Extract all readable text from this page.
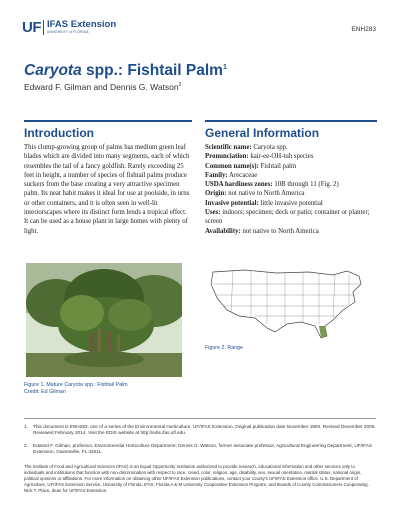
UF IFAS Extension
UNIVERSITY of FLORIDA	ENH283
Caryota spp.: Fishtail Palm$^1$
Edward F. Gilman and Dennis G. Watson$^2$
Introduction
This clump-growing group of palms has medium green leaf blades which are divided into many segments, each of which resembles the tail of a fancy goldfish. Rarely exceeding 25 feet in height, a number of species of fishtail palms produce suckers from the base creating a very attractive specimen palm. Its neat habit makes it ideal for use at poolside, in urns or other containers, and it is often seen in well-lit interiorscapes where its distinct form lends a tropical effect. It can be used as a house plant in large homes with plenty of light.
General Information
Scientific name: Caryota spp.
Pronunciation: kair-ee-OH-tuh species
Common name(s): Fishtail palm
Family: Arecaceae
USDA hardiness zones: 10B through 11 (Fig. 2)
Origin: not native to North America
Invasive potential: little invasive potential
Uses: indoors; specimen; deck or patio; container or planter; screen
Availability: not native to North America
Figure 1. Mature Caryota spp.: Fishtail Palm
Credit: Ed Gilman
Figure 2. Range
1. This document is ENH283, one of a series of the Environmental Horticulture, UF/IFAS Extension. Original publication date November 1993. Revised December 2006. Reviewed February 2014. Visit the EDIS website at http://edis.ifas.ufl.edu.
2. Edward F. Gilman, professor, Environmental Horticulture Department; Dennis G. Watson, former associate professor, Agricultural Engineering Department, UF/IFAS Extension, Gainesville, FL 32611.
The Institute of Food and Agricultural Sciences (IFAS) is an Equal Opportunity Institution authorized to provide research, educational information and other services only to individuals and institutions that function with non-discrimination with respect to race, creed, color, religion, age, disability, sex, sexual orientation, marital status, national origin, political opinions or affiliations. For more information on obtaining other UF/IFAS Extension publications, contact your county's UF/IFAS Extension office. U.S. Department of Agriculture, UF/IFAS Extension Service, University of Florida, IFAS, Florida A & M University Cooperative Extension Program, and Boards of County Commissioners Cooperating. Nick T. Place, dean for UF/IFAS Extension.
